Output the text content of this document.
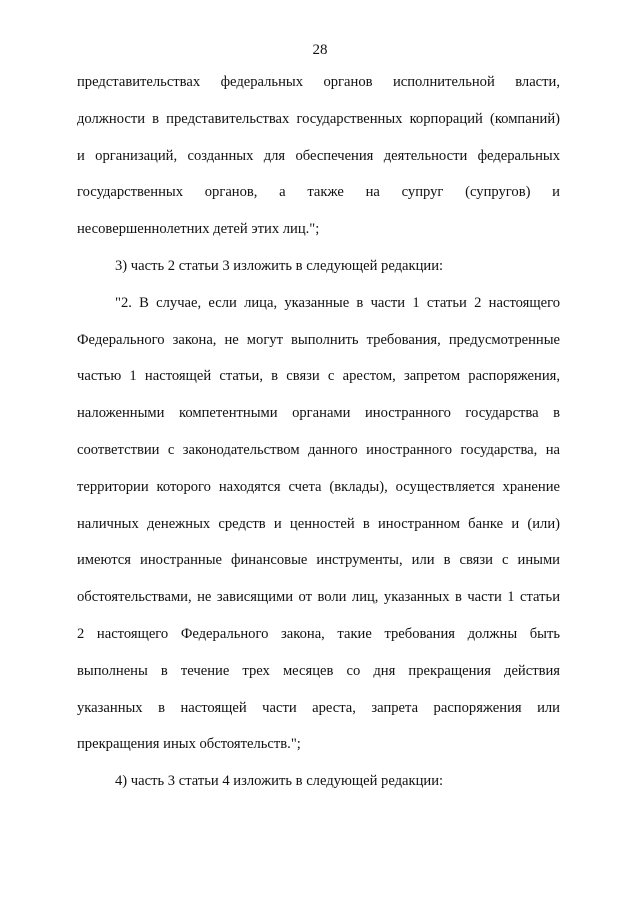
28
представительствах федеральных органов исполнительной власти,
должности в представительствах государственных корпораций (компаний)
и организаций, созданных для обеспечения деятельности федеральных
государственных органов, а также на супруг (супругов) и
несовершеннолетних детей этих лиц.";
3) часть 2 статьи 3 изложить в следующей редакции:
"2. В случае, если лица, указанные в части 1 статьи 2 настоящего
Федерального закона, не могут выполнить требования, предусмотренные
частью 1 настоящей статьи, в связи с арестом, запретом распоряжения,
наложенными компетентными органами иностранного государства в
соответствии с законодательством данного иностранного государства, на
территории которого находятся счета (вклады), осуществляется хранение
наличных денежных средств и ценностей в иностранном банке и (или)
имеются иностранные финансовые инструменты, или в связи с иными
обстоятельствами, не зависящими от воли лиц, указанных в части 1 статьи
2 настоящего Федерального закона, такие требования должны быть
выполнены в течение трех месяцев со дня прекращения действия
указанных в настоящей части ареста, запрета распоряжения или
прекращения иных обстоятельств.";
4) часть 3 статьи 4 изложить в следующей редакции:
